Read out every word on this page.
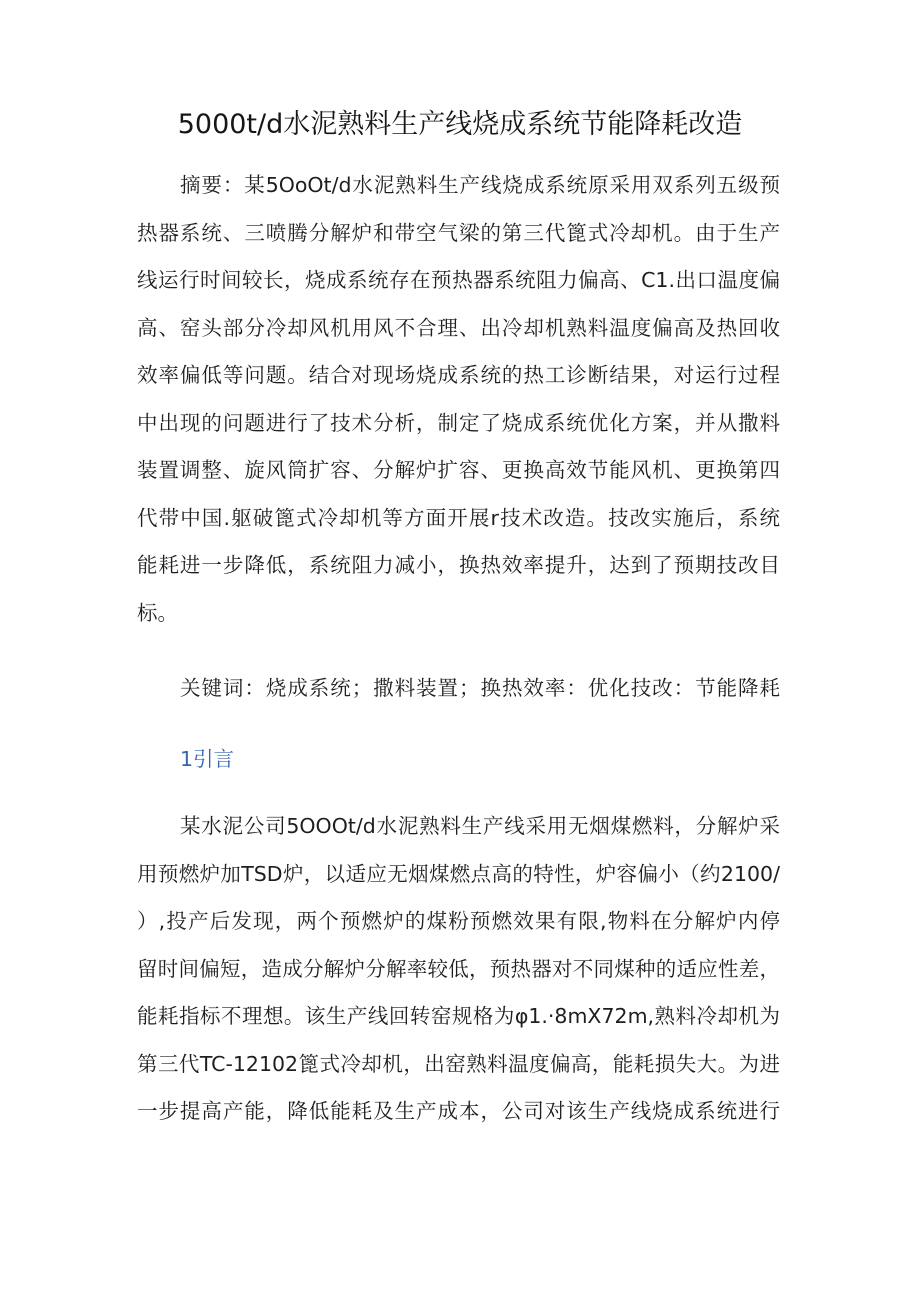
5000t/d水泥熟料生产线烧成系统节能降耗改造
摘要：某5OoOt/d水泥熟料生产线烧成系统原采用双系列五级预
热器系统、三喷腾分解炉和带空气梁的第三代篦式冷却机。由于生产
线运行时间较长，烧成系统存在预热器系统阻力偏高、C1.出口温度偏
高、窑头部分冷却风机用风不合理、出冷却机熟料温度偏高及热回收
效率偏低等问题。结合对现场烧成系统的热工诊断结果，对运行过程
中出现的问题进行了技术分析，制定了烧成系统优化方案，并从撒料
装置调整、旋风筒扩容、分解炉扩容、更换高效节能风机、更换第四
代带中国.躯破篦式冷却机等方面开展r技术改造。技改实施后，系统
能耗进一步降低，系统阻力减小，换热效率提升，达到了预期技改目
标。
关键词：烧成系统；撒料装置；换热效率：优化技改：节能降耗
1引言
某水泥公司5OOOt/d水泥熟料生产线采用无烟煤燃料，分解炉采
用预燃炉加TSD炉，以适应无烟煤燃点高的特性，炉容偏小（约2100/
）,投产后发现，两个预燃炉的煤粉预燃效果有限,物料在分解炉内停
留时间偏短，造成分解炉分解率较低，预热器对不同煤种的适应性差，
能耗指标不理想。该生产线回转窑规格为φ1.·8mX72m,熟料冷却机为
第三代TC-12102篦式冷却机，出窑熟料温度偏高，能耗损失大。为进
一步提高产能，降低能耗及生产成本，公司对该生产线烧成系统进行
